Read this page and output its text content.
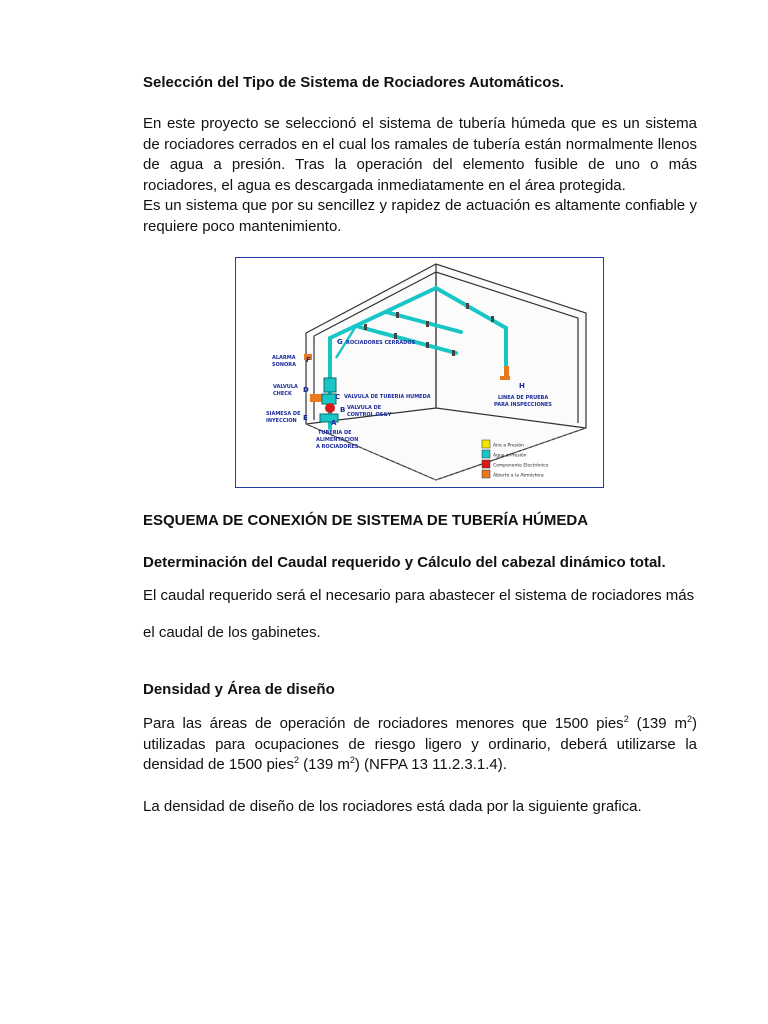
Selección del Tipo de Sistema de Rociadores Automáticos.

En este proyecto se seleccionó el sistema de tubería húmeda que es un sistema de rociadores cerrados en el cual los ramales de tubería están normalmente llenos de agua a presión. Tras la operación del elemento fusible de uno o más rociadores, el agua es descargada inmediatamente en el área protegida.

Es un sistema que por su sencillez y rapidez de actuación es altamente confiable y requiere poco mantenimiento.

G ROCIADORES CERRADOS
ALARMA
SONORA
F
VALVULA
CHECK D
SIAMESA DE
INYECCION E
C VALVULA DE TUBERIA HUMEDA
B VALVULA DE
CONTROL OS&Y
A
TUBERIA DE
ALIMENTACION
A ROCIADORES
H
LINEA DE PRUEBA
PARA INSPECCIONES
Aire a Presión
Agua a Presión
Componente Electrónico
Abierto a la Atmósfera

ESQUEMA DE CONEXIÓN DE SISTEMA DE TUBERÍA HÚMEDA

Determinación del Caudal requerido y Cálculo del cabezal dinámico total.

El caudal requerido será el necesario para abastecer el sistema de rociadores más

el caudal de los gabinetes.

Densidad y Área de diseño

Para las áreas de operación de rociadores menores que 1500 pies$^2$ (139 $m^2$) utilizadas para ocupaciones de riesgo ligero y ordinario, deberá utilizarse la densidad de 1500 pies$^2$ (139 $m^2$) (NFPA 13 11.2.3.1.4).

La densidad de diseño de los rociadores está dada por la siguiente grafica.
